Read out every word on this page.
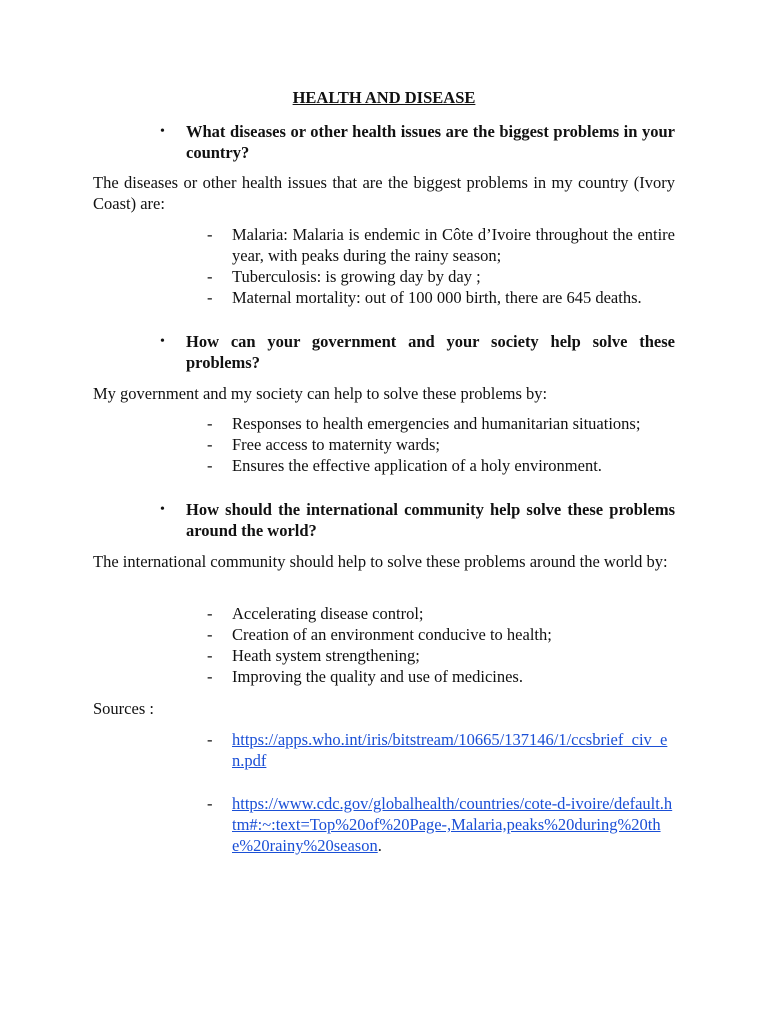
HEALTH AND DISEASE
• What diseases or other health issues are the biggest problems in your country?
The diseases or other health issues that are the biggest problems in my country (Ivory Coast) are:
- Malaria: Malaria is endemic in Côte d’Ivoire throughout the entire year, with peaks during the rainy season;
- Tuberculosis: is growing day by day ;
- Maternal mortality: out of 100 000 birth, there are 645 deaths.
• How can your government and your society help solve these problems?
My government and my society can help to solve these problems by:
- Responses to health emergencies and humanitarian situations;
- Free access to maternity wards;
- Ensures the effective application of a holy environment.
• How should the international community help solve these problems around the world?
The international community should help to solve these problems around the world by:
- Accelerating disease control;
- Creation of an environment conducive to health;
- Heath system strengthening;
- Improving the quality and use of medicines.
Sources :
- https://apps.who.int/iris/bitstream/10665/137146/1/ccsbrief_civ_en.pdf
- https://www.cdc.gov/globalhealth/countries/cote-d-ivoire/default.htm#:~:text=Top%20of%20Page-,Malaria,peaks%20during%20the%20rainy%20season.
